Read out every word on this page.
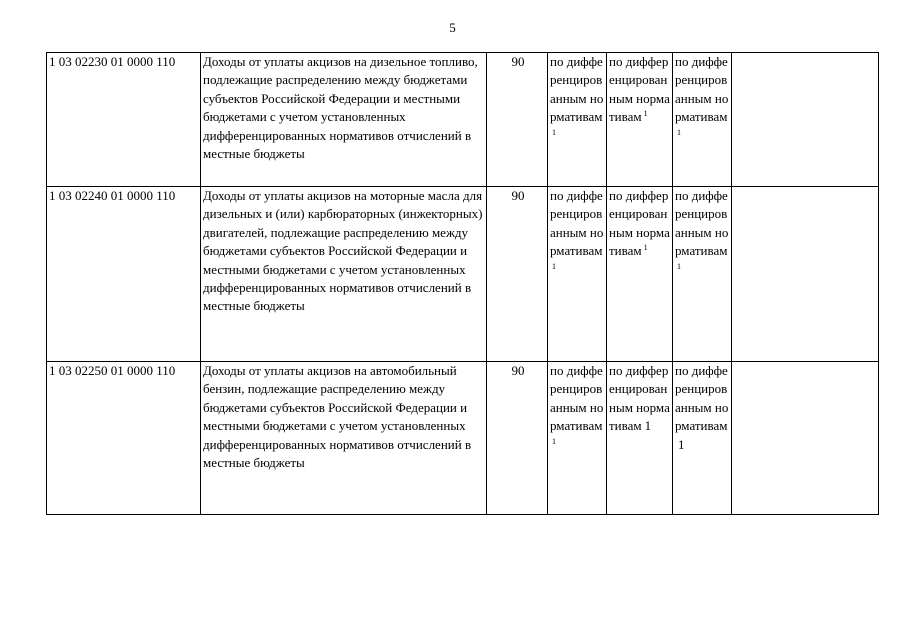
5
1 03 02230 01 0000 110	Доходы от уплаты акцизов на дизельное топливо, подлежащие распределению между бюджетами субъектов Российской Федерации и местными бюджетами с учетом установленных дифференцированных нормативов отчислений в местные бюджеты	90	по дифференцированным нормативам$^1$	по дифференцированным нормативам $^1$	по дифференцированным нормативам$^1$

1 03 02240 01 0000 110	Доходы от уплаты акцизов на моторные масла для дизельных и (или) карбюраторных (инжекторных) двигателей, подлежащие распределению между бюджетами субъектов Российской Федерации и местными бюджетами с учетом установленных дифференцированных нормативов отчислений в местные бюджеты	90	по дифференцированным нормативам$^1$	по дифференцированным нормативам $^1$	по дифференцированным нормативам$^1$

1 03 02250 01 0000 110	Доходы от уплаты акцизов на автомобильный бензин, подлежащие распределению между бюджетами субъектов Российской Федерации и местными бюджетами с учетом установленных дифференцированных нормативов отчислений в местные бюджеты	90	по дифференцированным нормативам$^1$	по дифференцированным нормативам 1	по дифференцированным нормативам1	
